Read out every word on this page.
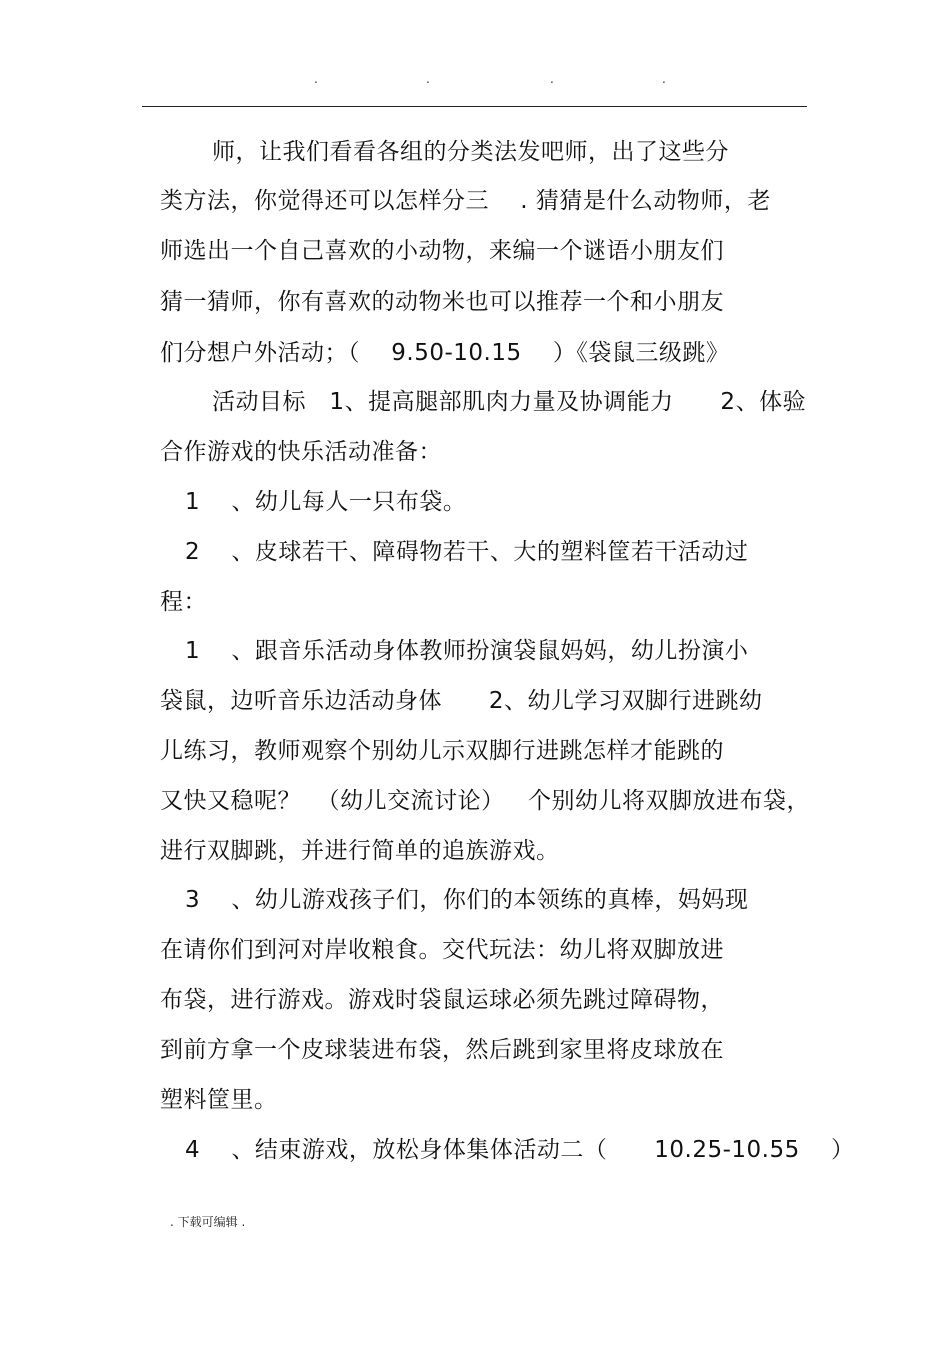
.	.	.	.
师，让我们看看各组的分类法发吧师，出了这些分
类方法，你觉得还可以怎样分三    . 猜猜是什么动物师，老
师选出一个自己喜欢的小动物，来编一个谜语小朋友们
猜一猜师，你有喜欢的动物米也可以推荐一个和小朋友
们分想户外活动；（    9.50-10.15    ）《袋鼠三级跳》
活动目标   1、提高腿部肌肉力量及协调能力      2、体验
合作游戏的快乐活动准备：
1    、幼儿每人一只布袋。
2    、皮球若干、障碍物若干、大的塑料筐若干活动过
程：
1    、跟音乐活动身体教师扮演袋鼠妈妈，幼儿扮演小
袋鼠，边听音乐边活动身体      2、幼儿学习双脚行进跳幼
儿练习，教师观察个别幼儿示双脚行进跳怎样才能跳的
又快又稳呢？  （幼儿交流讨论）   个别幼儿将双脚放进布袋，
进行双脚跳，并进行简单的追族游戏。
3    、幼儿游戏孩子们，你们的本领练的真棒，妈妈现
在请你们到河对岸收粮食。交代玩法：幼儿将双脚放进
布袋，进行游戏。游戏时袋鼠运球必须先跳过障碍物，
到前方拿一个皮球装进布袋，然后跳到家里将皮球放在
塑料筐里。
4    、结束游戏，放松身体集体活动二（      10.25-10.55    ）
. 下载可编辑 .
